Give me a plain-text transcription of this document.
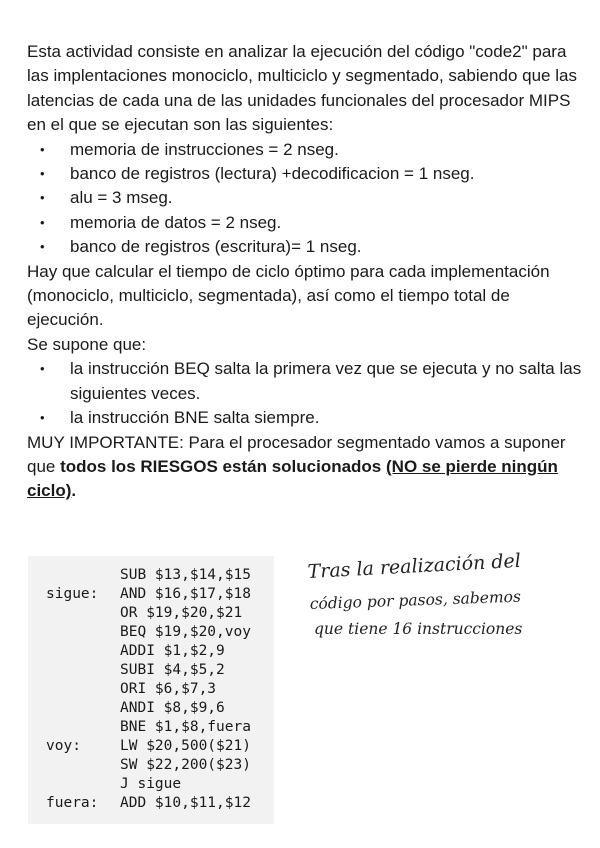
Esta actividad consiste en analizar la ejecución del código "code2" para las implentaciones monociclo, multiciclo y segmentado, sabiendo que las latencias de cada una de las unidades funcionales del procesador MIPS en el que se ejecutan son las siguientes:

• memoria de instrucciones = 2 nseg.
• banco de registros (lectura) +decodificacion = 1 nseg.
• alu = 3 mseg.
• memoria de datos = 2 nseg.
• banco de registros (escritura)= 1 nseg.

Hay que calcular el tiempo de ciclo óptimo para cada implementación (monociclo, multiciclo, segmentada), así como el tiempo total de ejecución.

Se supone que:

• la instrucción BEQ salta la primera vez que se ejecuta y no salta las siguientes veces.
• la instrucción BNE salta siempre.

MUY IMPORTANTE: Para el procesador segmentado vamos a suponer que todos los RIESGOS están solucionados (NO se pierde ningún ciclo).

SUB $13,$14,$15
sigue: AND $16,$17,$18
OR $19,$20,$21
BEQ $19,$20,voy
ADDI $1,$2,9
SUBI $4,$5,2
ORI $6,$7,3
ANDI $8,$9,6
BNE $1,$8,fuera
voy:	LW $20,500($21)
SW $22,200($23)
J sigue
fuera: ADD $10,$11,$12
Tras la realización del
código por pasos, sabemos
que tiene 16 instrucciones
